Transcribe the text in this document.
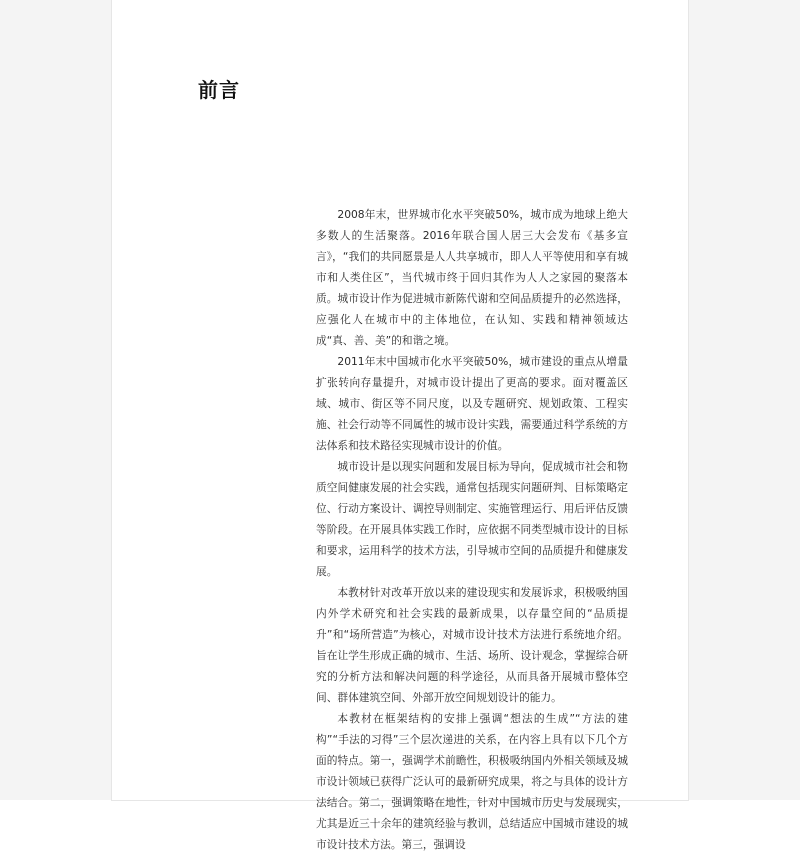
前言

2008年末，世界城市化水平突破50%，城市成为地球上绝大多数人的生活聚落。2016年联合国人居三大会发布《基多宣言》，“我们的共同愿景是人人共享城市，即人人平等使用和享有城市和人类住区”，当代城市终于回归其作为人人之家园的聚落本质。城市设计作为促进城市新陈代谢和空间品质提升的必然选择，应强化人在城市中的主体地位，在认知、实践和精神领域达成“真、善、美”的和谐之境。

2011年末中国城市化水平突破50%，城市建设的重点从增量扩张转向存量提升，对城市设计提出了更高的要求。面对覆盖区域、城市、街区等不同尺度，以及专题研究、规划政策、工程实施、社会行动等不同属性的城市设计实践，需要通过科学系统的方法体系和技术路径实现城市设计的价值。

城市设计是以现实问题和发展目标为导向，促成城市社会和物质空间健康发展的社会实践，通常包括现实问题研判、目标策略定位、行动方案设计、调控导则制定、实施管理运行、用后评估反馈等阶段。在开展具体实践工作时，应依据不同类型城市设计的目标和要求，运用科学的技术方法，引导城市空间的品质提升和健康发展。

本教材针对改革开放以来的建设现实和发展诉求，积极吸纳国内外学术研究和社会实践的最新成果，以存量空间的“品质提升”和“场所营造”为核心，对城市设计技术方法进行系统地介绍。旨在让学生形成正确的城市、生活、场所、设计观念，掌握综合研究的分析方法和解决问题的科学途径，从而具备开展城市整体空间、群体建筑空间、外部开放空间规划设计的能力。

本教材在框架结构的安排上强调“想法的生成”“方法的建构”“手法的习得”三个层次递进的关系，在内容上具有以下几个方面的特点。第一，强调学术前瞻性，积极吸纳国内外相关领域及城市设计领域已获得广泛认可的最新研究成果，将之与具体的设计方法结合。第二，强调策略在地性，针对中国城市历史与发展现实，尤其是近三十余年的建筑经验与教训，总结适应中国城市建设的城市设计技术方法。第三，强调设
